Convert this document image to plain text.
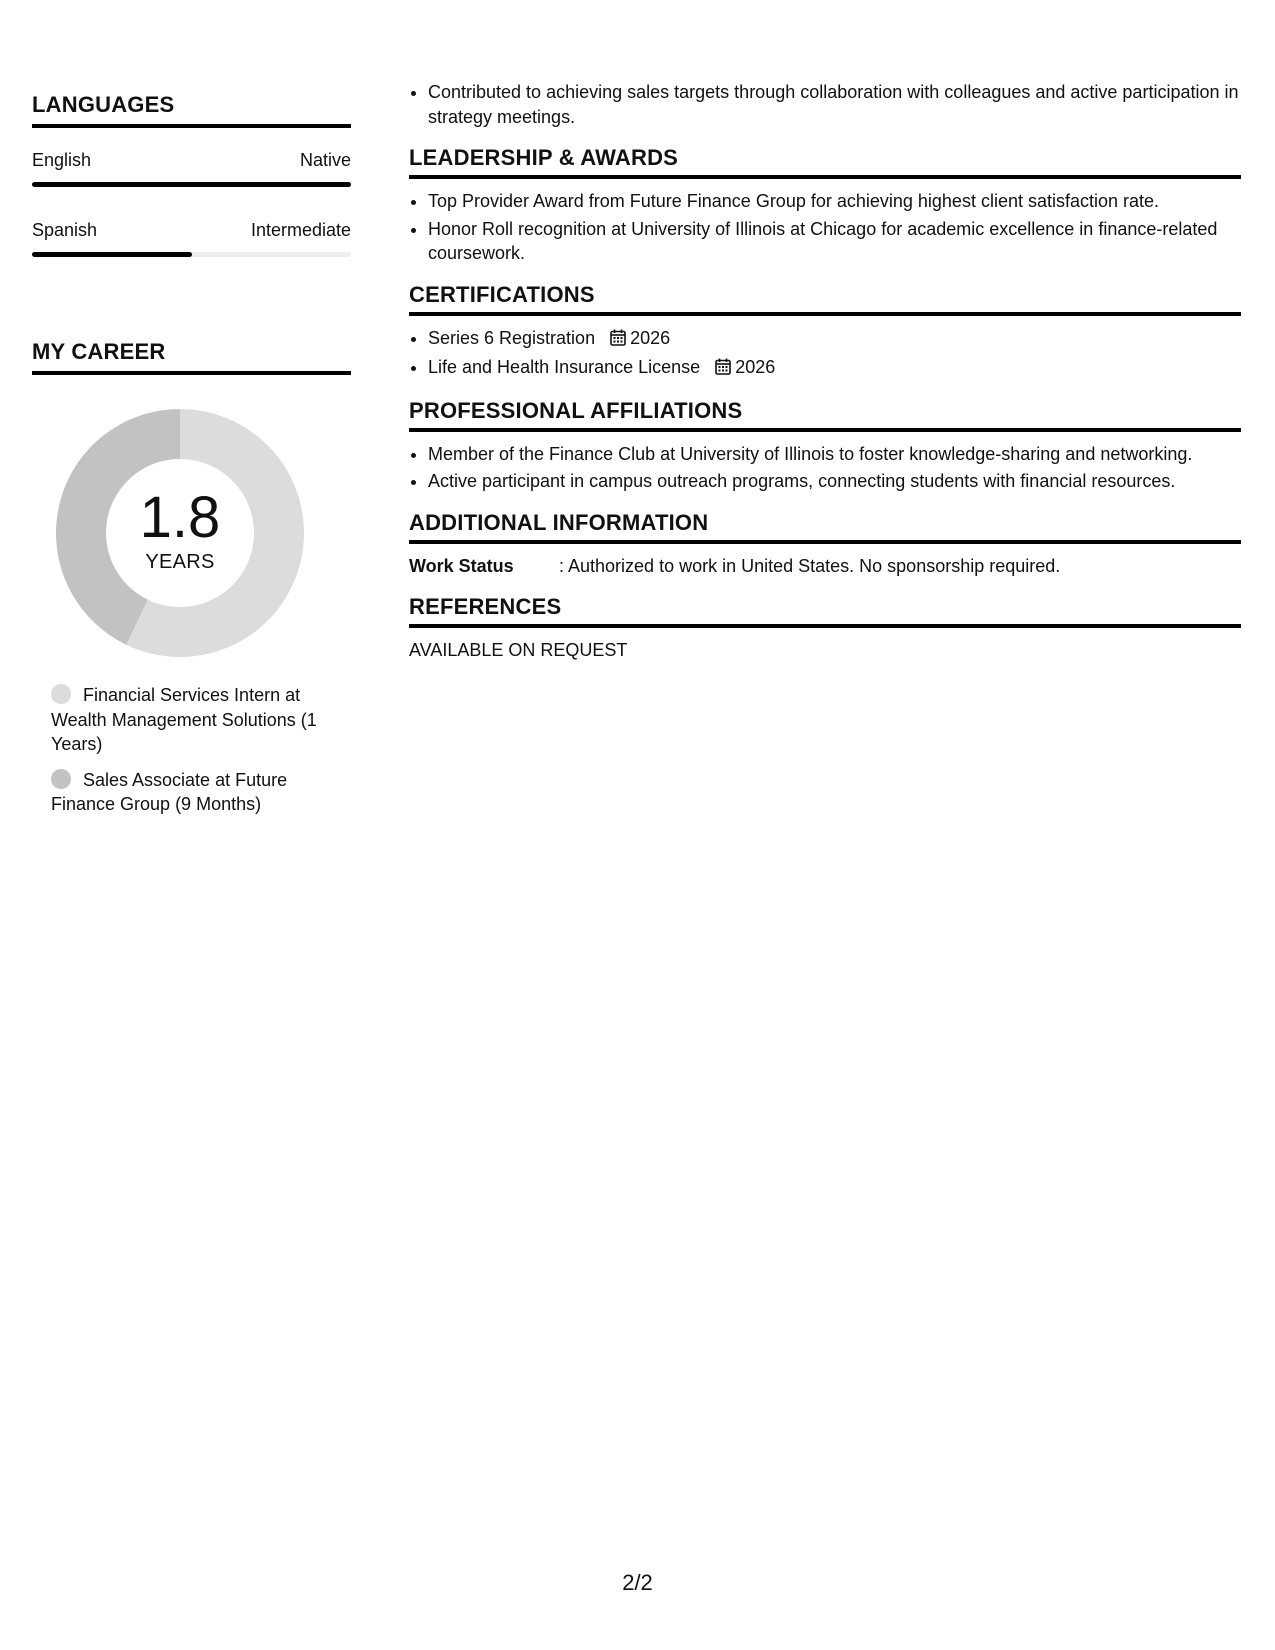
LANGUAGES
English	Native
Spanish	Intermediate
MY CAREER
1.8
YEARS
Financial Services Intern at Wealth Management Solutions (1 Years)
Sales Associate at Future Finance Group (9 Months)
• Contributed to achieving sales targets through collaboration with colleagues and active participation in strategy meetings.
LEADERSHIP & AWARDS
• Top Provider Award from Future Finance Group for achieving highest client satisfaction rate.
• Honor Roll recognition at University of Illinois at Chicago for academic excellence in finance-related coursework.
CERTIFICATIONS
• Series 6 Registration 2026
• Life and Health Insurance License 2026
PROFESSIONAL AFFILIATIONS
• Member of the Finance Club at University of Illinois to foster knowledge-sharing and networking.
• Active participant in campus outreach programs, connecting students with financial resources.
ADDITIONAL INFORMATION
Work Status	: Authorized to work in United States. No sponsorship required.
REFERENCES
AVAILABLE ON REQUEST
2/2
